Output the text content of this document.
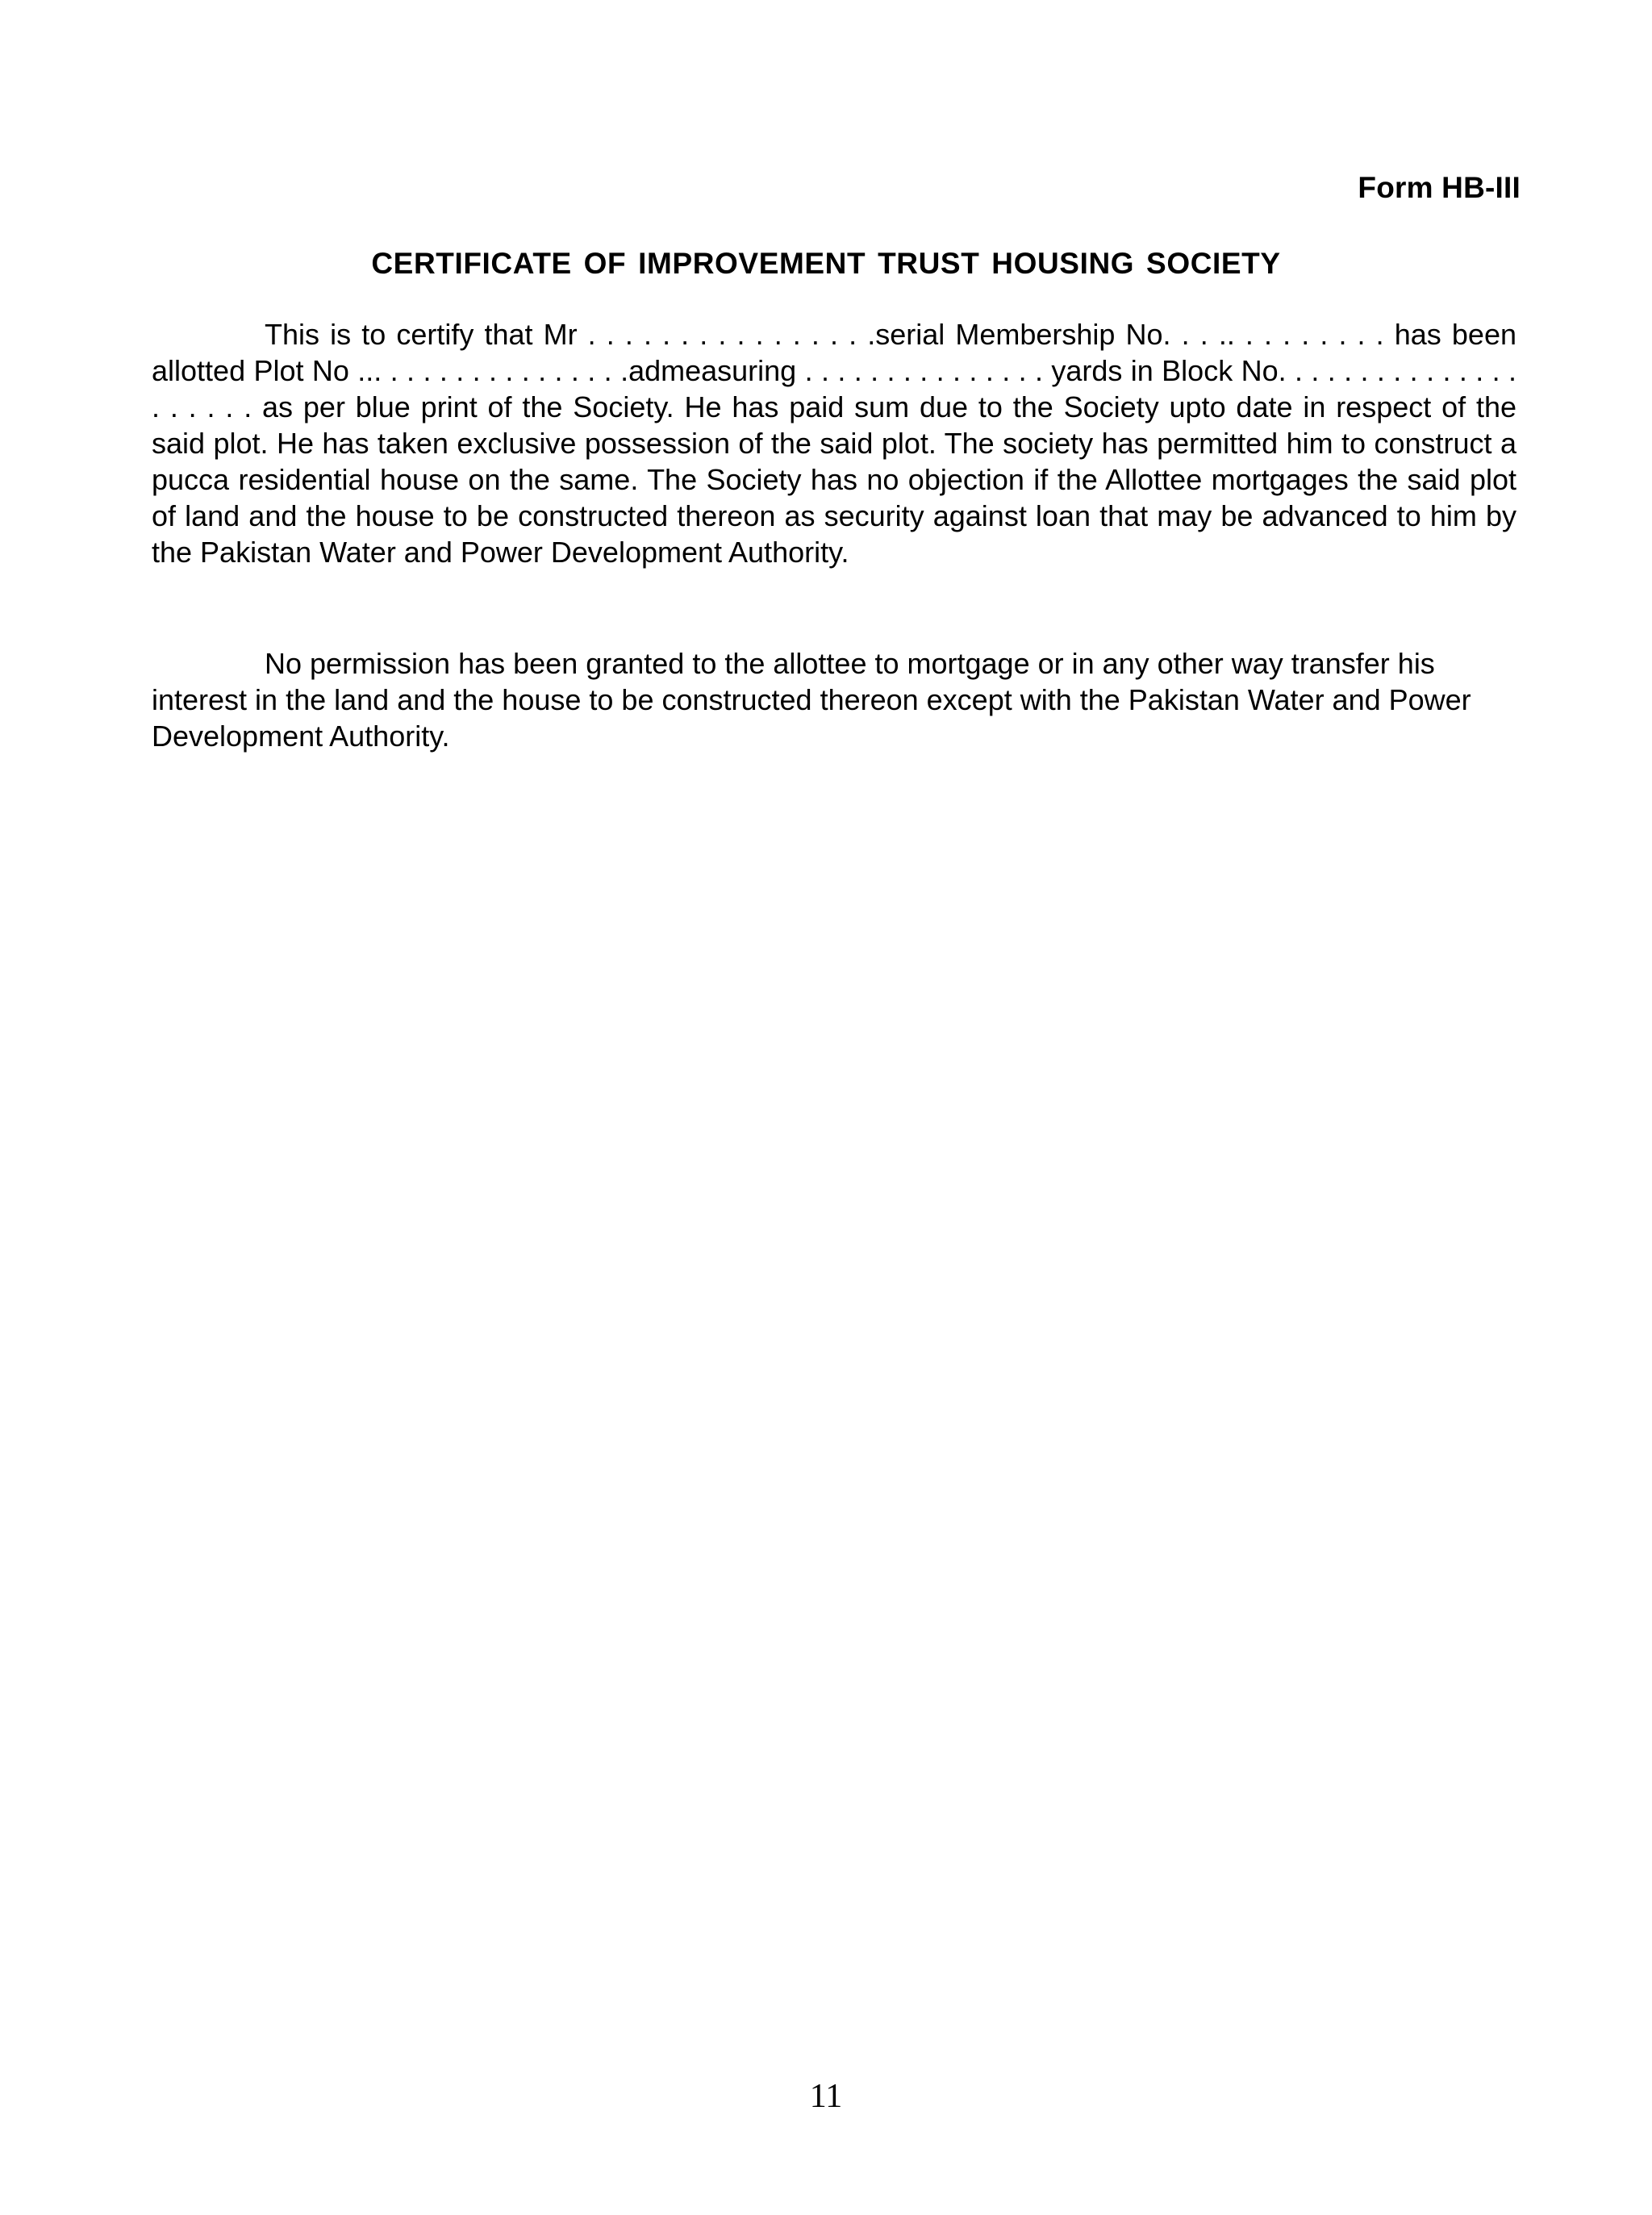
Form HB-III
CERTIFICATE OF IMPROVEMENT TRUST HOUSING SOCIETY

This is to certify that Mr . . . . . . . . . . . . . . . .serial Membership No. . . .. . . . . . . . . has been allotted Plot No ... . . . . . . . . . . . . . . .admeasuring . . . . . . . . . . . . . . . yards in Block No. . . . . . . . . . . . . . . . . . . . . as per blue print of the Society. He has paid sum due to the Society upto date in respect of the said plot. He has taken exclusive possession of the said plot. The society has permitted him to construct a pucca residential house on the same. The Society has no objection if the Allottee mortgages the said plot of land and the house to be constructed thereon as security against loan that may be advanced to him by the Pakistan Water and Power Development Authority.

No permission has been granted to the allottee to mortgage or in any other way transfer his interest in the land and the house to be constructed thereon except with the Pakistan Water and Power Development Authority.

11
